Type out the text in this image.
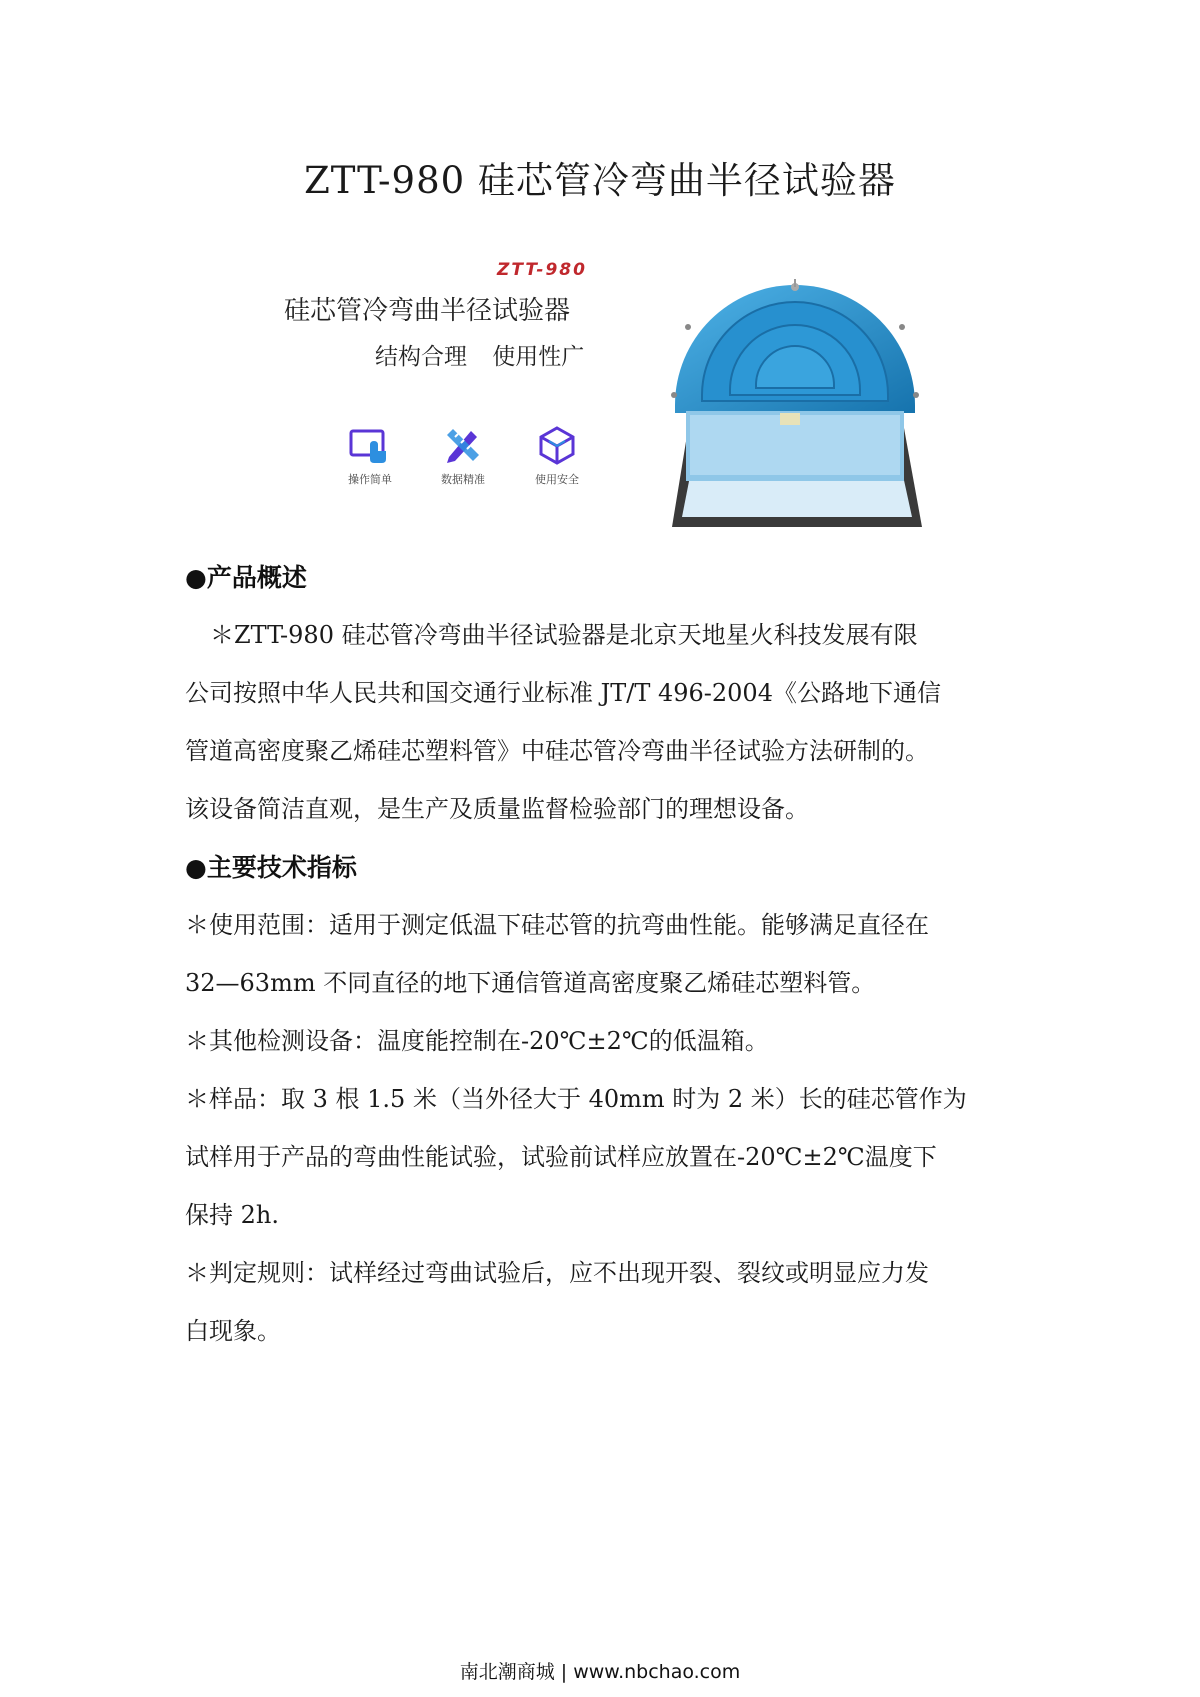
ZTT-980 硅芯管冷弯曲半径试验器
ZTT-980
硅芯管冷弯曲半径试验器
结构合理 使用性广
操作简单	数据精准	使用安全
●产品概述
＊ZTT-980 硅芯管冷弯曲半径试验器是北京天地星火科技发展有限
公司按照中华人民共和国交通行业标准 JT/T 496-2004《公路地下通信
管道高密度聚乙烯硅芯塑料管》中硅芯管冷弯曲半径试验方法研制的。
该设备简洁直观，是生产及质量监督检验部门的理想设备。
●主要技术指标
＊使用范围：适用于测定低温下硅芯管的抗弯曲性能。能够满足直径在
32—63mm 不同直径的地下通信管道高密度聚乙烯硅芯塑料管。
＊其他检测设备：温度能控制在-20℃±2℃的低温箱。
＊样品：取 3 根 1.5 米（当外径大于 40mm 时为 2 米）长的硅芯管作为
试样用于产品的弯曲性能试验，试验前试样应放置在-20℃±2℃温度下
保持 2h.
＊判定规则：试样经过弯曲试验后，应不出现开裂、裂纹或明显应力发
白现象。
南北潮商城 | www.nbchao.com
